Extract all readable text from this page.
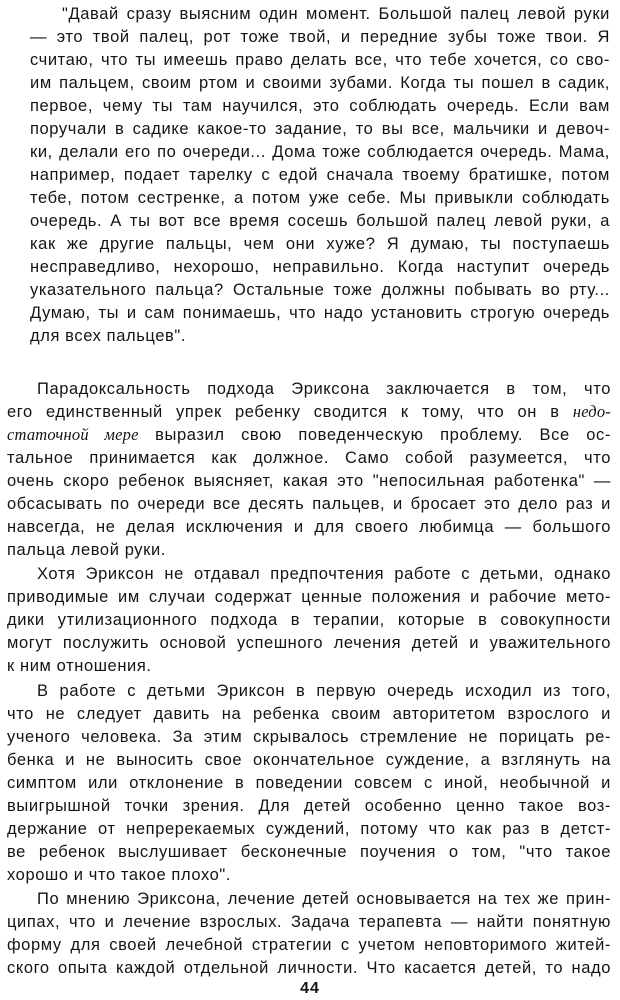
"Давай сразу выясним один момент. Большой палец левой руки
— это твой палец, рот тоже твой, и передние зубы тоже твои. Я
считаю, что ты имеешь право делать все, что тебе хочется, со сво-
им пальцем, своим ртом и своими зубами. Когда ты пошел в садик,
первое, чему ты там научился, это соблюдать очередь. Если вам
поручали в садике какое-то задание, то вы все, мальчики и девоч-
ки, делали его по очереди... Дома тоже соблюдается очередь. Мама,
например, подает тарелку с едой сначала твоему братишке, потом
тебе, потом сестренке, а потом уже себе. Мы привыкли соблюдать
очередь. А ты вот все время сосешь большой палец левой руки, а
как же другие пальцы, чем они хуже? Я думаю, ты поступаешь
несправедливо, нехорошо, неправильно. Когда наступит очередь
указательного пальца? Остальные тоже должны побывать во рту...
Думаю, ты и сам понимаешь, что надо установить строгую очередь
для всех пальцев".
Парадоксальность подхода Эриксона заключается в том, что
его единственный упрек ребенку сводится к тому, что он в недо-
статочной мере выразил свою поведенческую проблему. Все ос-
тальное принимается как должное. Само собой разумеется, что
очень скоро ребенок выясняет, какая это "непосильная работенка" —
обсасывать по очереди все десять пальцев, и бросает это дело раз и
навсегда, не делая исключения и для своего любимца — большого
пальца левой руки.
Хотя Эриксон не отдавал предпочтения работе с детьми, однако
приводимые им случаи содержат ценные положения и рабочие мето-
дики утилизационного подхода в терапии, которые в совокупности
могут послужить основой успешного лечения детей и уважительного
к ним отношения.
В работе с детьми Эриксон в первую очередь исходил из того,
что не следует давить на ребенка своим авторитетом взрослого и
ученого человека. За этим скрывалось стремление не порицать ре-
бенка и не выносить свое окончательное суждение, а взглянуть на
симптом или отклонение в поведении совсем с иной, необычной и
выигрышной точки зрения. Для детей особенно ценно такое воз-
держание от непререкаемых суждений, потому что как раз в детст-
ве ребенок выслушивает бесконечные поучения о том, "что такое
хорошо и что такое плохо".
По мнению Эриксона, лечение детей основывается на тех же прин-
ципах, что и лечение взрослых. Задача терапевта — найти понятную
форму для своей лечебной стратегии с учетом неповторимого житей-
ского опыта каждой отдельной личности. Что касается детей, то надо
44
